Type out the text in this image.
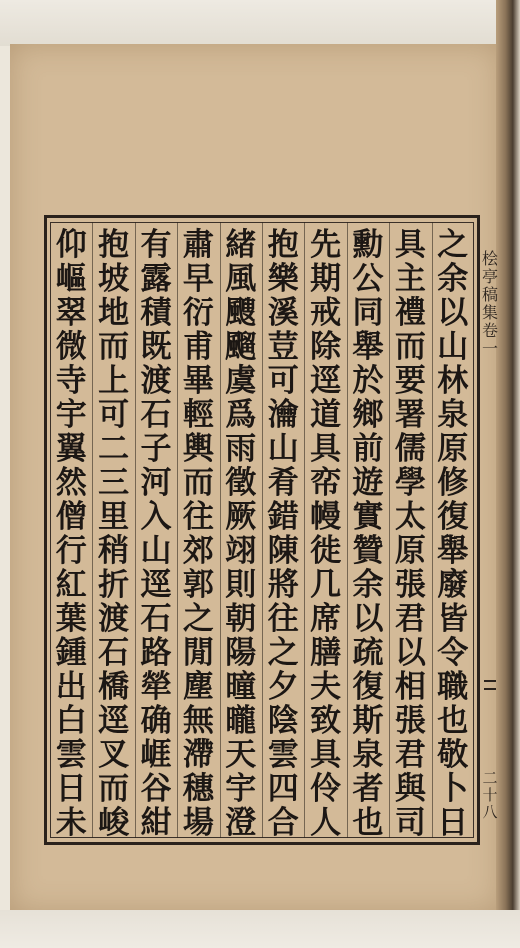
桧
亭
稿
集
卷
一
二
十
八
之
余
以
山
林
泉
原
修
復
舉
廢
皆
令
職
也
敬
卜
日
具
主
禮
而
要
署
儒
學
太
原
張
君
以
相
張
君
與
司
勳
公
同
舉
於
鄉
前
遊
實
贊
余
以
疏
復
斯
泉
者
也
先
期
戒
除
逕
道
具
帟
幔
徙
几
席
膳
夫
致
具
伶
人
抱
樂
溪
荳
可
瀹
山
肴
錯
陳
將
往
之
夕
陰
雲
四
合
緒
風
颼
飀
虞
爲
雨
徵
厥
翊
則
朝
陽
曈
曨
天
宇
澄
肅
早
衍
甫
畢
輕
輿
而
往
郊
郭
之
閒
塵
無
滯
穗
場
有
露
積
既
渡
石
子
河
入
山
逕
石
路
犖
确
崕
谷
紺
抱
坡
地
而
上
可
二
三
里
稍
折
渡
石
橋
逕
叉
而
峻
仰
嶇
翠
微
寺
宇
翼
然
僧
行
紅
葉
鍾
出
白
雲
日
未
